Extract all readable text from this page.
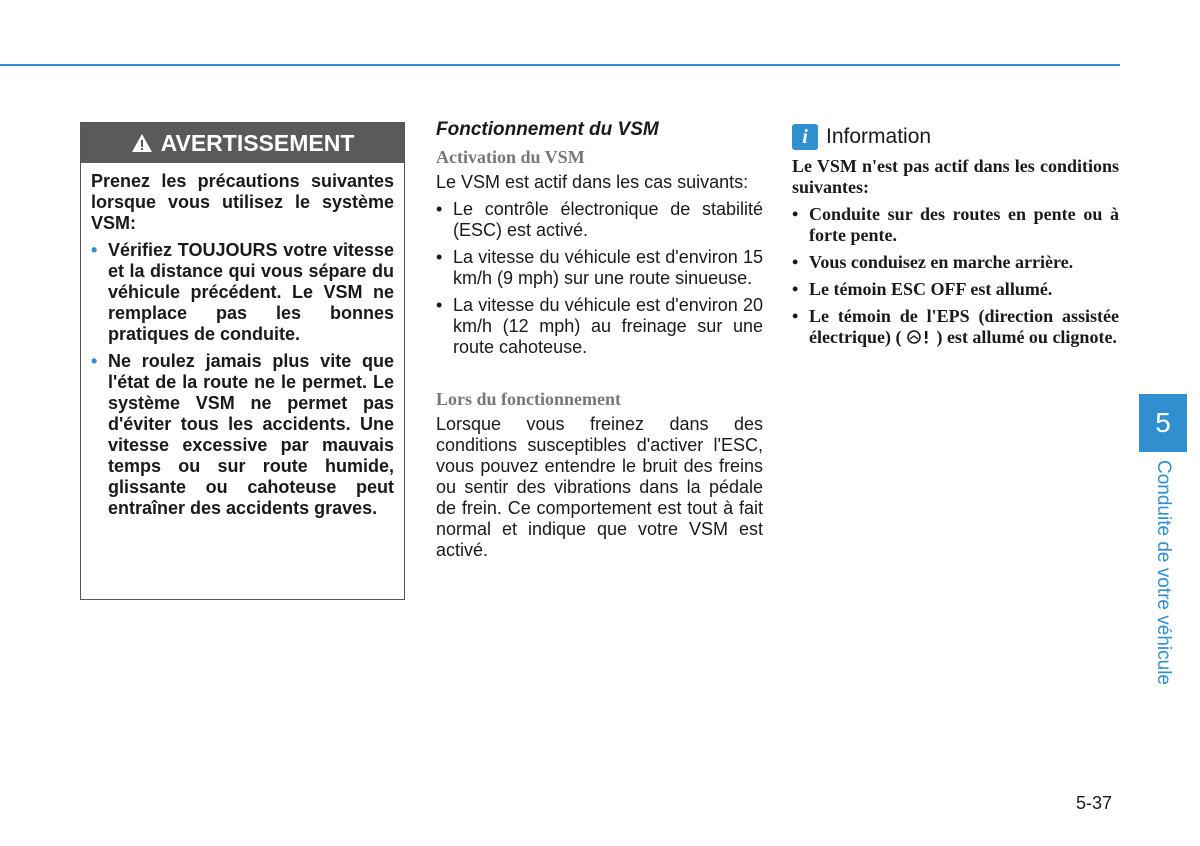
AVERTISSEMENT

Prenez les précautions suivantes lorsque vous utilisez le système VSM:

• Vérifiez TOUJOURS votre vitesse et la distance qui vous sépare du véhicule précédent. Le VSM ne remplace pas les bonnes pratiques de conduite.
• Ne roulez jamais plus vite que l'état de la route ne le permet. Le système VSM ne permet pas d'éviter tous les accidents. Une vitesse excessive par mauvais temps ou sur route humide, glissante ou cahoteuse peut entraîner des accidents graves.
Fonctionnement du VSM
Activation du VSM

Le VSM est actif dans les cas suivants:

• Le contrôle électronique de stabilité (ESC) est activé.
• La vitesse du véhicule est d'environ 15 km/h (9 mph) sur une route sinueuse.
• La vitesse du véhicule est d'environ 20 km/h (12 mph) au freinage sur une route cahoteuse.
Lors du fonctionnement

Lorsque vous freinez dans des conditions susceptibles d'activer l'ESC, vous pouvez entendre le bruit des freins ou sentir des vibrations dans la pédale de frein. Ce comportement est tout à fait normal et indique que votre VSM est activé.

i Information

Le VSM n'est pas actif dans les conditions suivantes:

• Conduite sur des routes en pente ou à forte pente.
• Vous conduisez en marche arrière.
• Le témoin ESC OFF est allumé.
• Le témoin de l'EPS (direction assistée électrique) ( ) est allumé ou clignote.
5
Conduite de votre véhicule
5-37
